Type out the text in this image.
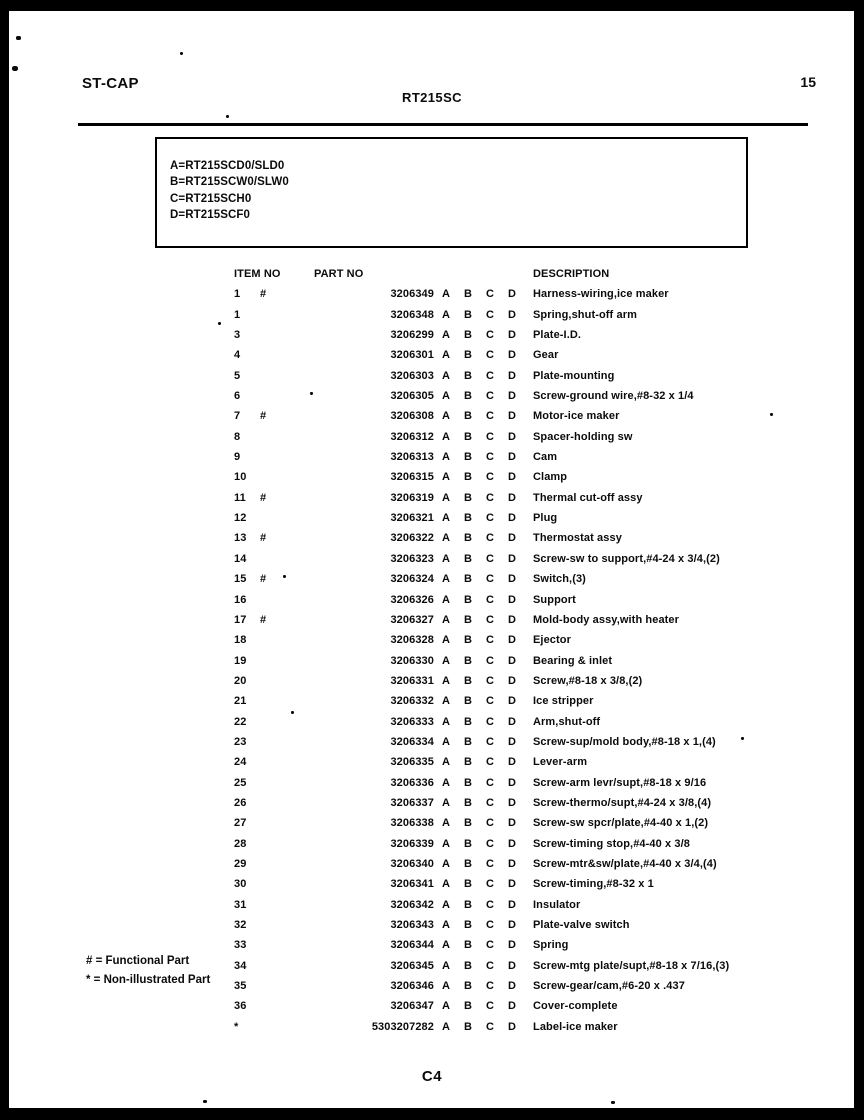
ST-CAP
RT215SC
15
A=RT215SCD0/SLD0
B=RT215SCW0/SLW0
C=RT215SCH0
D=RT215SCF0
ITEM NO	PART NO	DESCRIPTION
1	#	3206349 A B C D Harness-wiring,ice maker
1	3206348 A B C D Spring,shut-off arm
3	3206299 A B C D Plate-I.D.
4	3206301 A B C D Gear
5	3206303 A B C D Plate-mounting
6	3206305 A B C D Screw-ground wire,#8-32 x 1/4
7	#	3206308 A B C D Motor-ice maker
8	3206312 A B C D Spacer-holding sw
9	3206313 A B C D Cam
10	3206315 A B C D Clamp
11	#	3206319 A B C D Thermal cut-off assy
12	3206321 A B C D Plug
13	#	3206322 A B C D Thermostat assy
14	3206323 A B C D Screw-sw to support,#4-24 x 3/4,(2)
15	#	3206324 A B C D Switch,(3)
16	3206326 A B C D Support
17	#	3206327 A B C D Mold-body assy,with heater
18	3206328 A B C D Ejector
19	3206330 A B C D Bearing & inlet
20	3206331 A B C D Screw,#8-18 x 3/8,(2)
21	3206332 A B C D Ice stripper
22	3206333 A B C D Arm,shut-off
23	3206334 A B C D Screw-sup/mold body,#8-18 x 1,(4)
24	3206335 A B C D Lever-arm
25	3206336 A B C D Screw-arm levr/supt,#8-18 x 9/16
26	3206337 A B C D Screw-thermo/supt,#4-24 x 3/8,(4)
27	3206338 A B C D Screw-sw spcr/plate,#4-40 x 1,(2)
28	3206339 A B C D Screw-timing stop,#4-40 x 3/8
29	3206340 A B C D Screw-mtr&sw/plate,#4-40 x 3/4,(4)
30	3206341 A B C D Screw-timing,#8-32 x 1
31	3206342 A B C D Insulator
32	3206343 A B C D Plate-valve switch
33	3206344 A B C D Spring
34	3206345 A B C D Screw-mtg plate/supt,#8-18 x 7/16,(3)
35	3206346 A B C D Screw-gear/cam,#6-20 x .437
36	3206347 A B C D Cover-complete
*	5303207282 A B C D Label-ice maker
# = Functional Part
* = Non-illustrated Part
C4
